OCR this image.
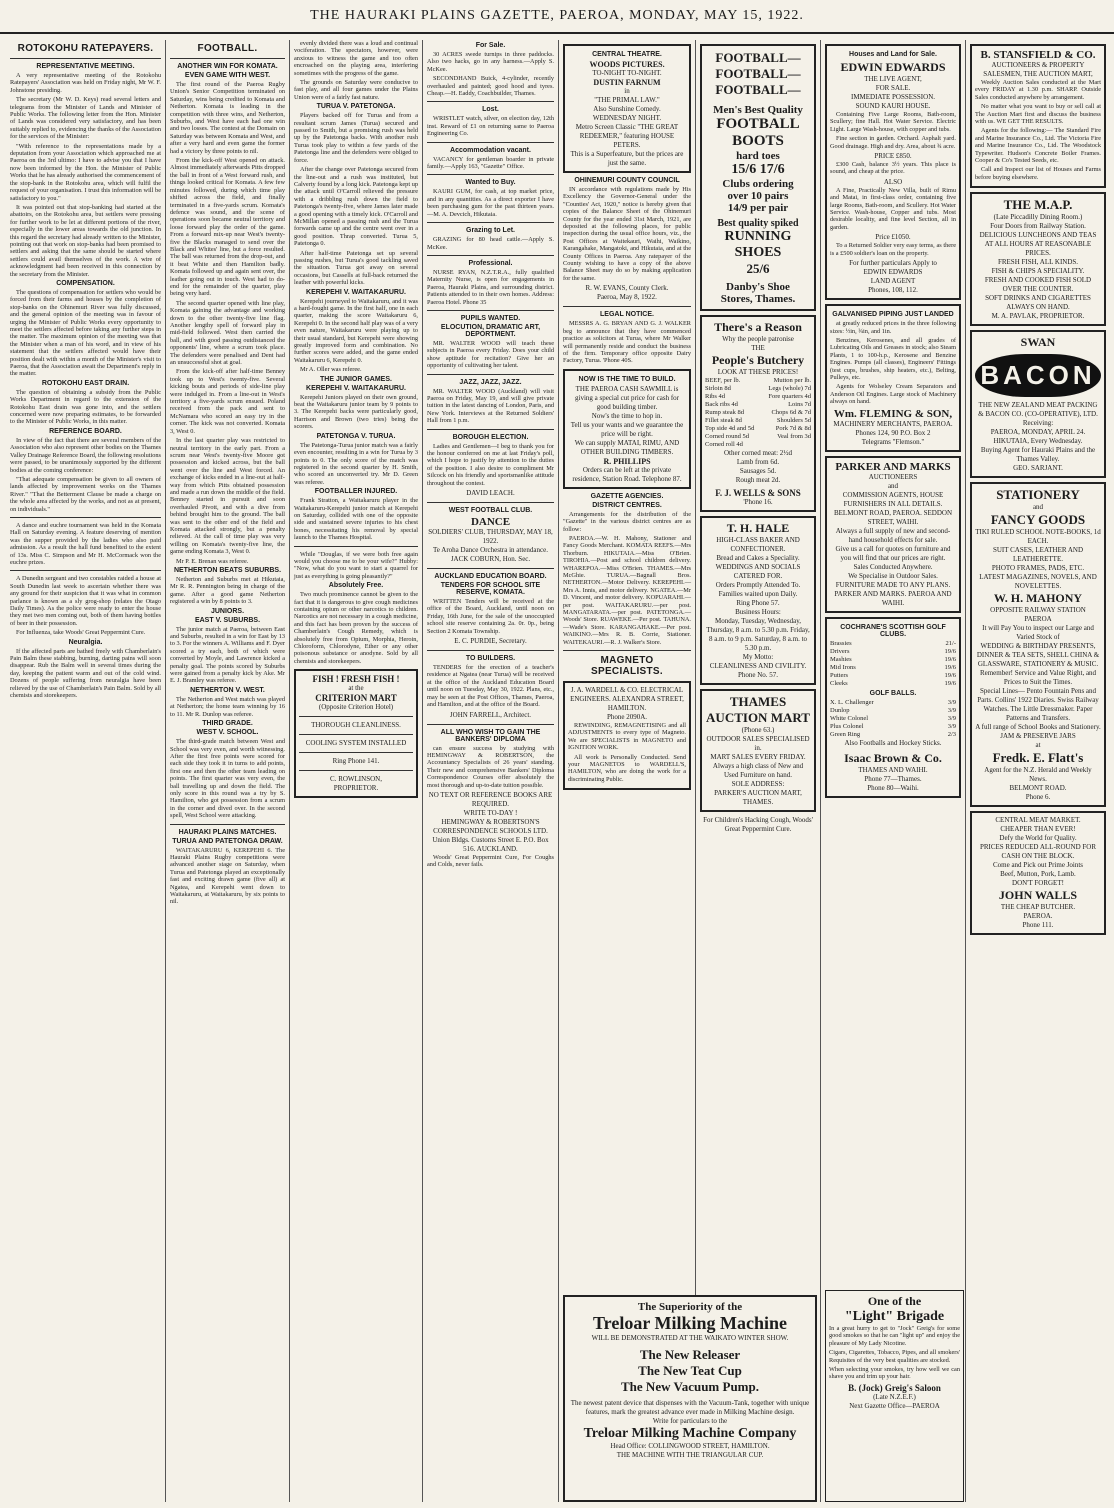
THE HAURAKI PLAINS GAZETTE, PAEROA, MONDAY, MAY 15, 1922.
ROTOKOHU RATEPAYERS.
REPRESENTATIVE MEETING.

A very representative meeting of the Rotokohu Ratepayers' Association was held on Friday night, Mr W. F. Johnstone presiding.

The secretary (Mr W. D. Keys) read several letters and telegrams from the Minister of Lands and Minister of Public Works. The following letter from the Hon. Minister of Lands was considered very satisfactory, and has been suitably replied to, evidencing the thanks of the Association for the services of the Minister:

"With reference to the representations made by a deputation from your Association which approached me at Paeroa on the 3rd ultimo: I have to advise you that I have now been informed by the Hon. the Minister of Public Works that he has already authorised the commencement of the stop-bank in the Rotokohu area, which will fulfil the request of your organisation. I trust this information will be satisfactory to you."

It was pointed out that stop-banking had started at the abattoirs, on the Rotokohu area, but settlers were pressing for further work to be let at different portions of the river, especially in the lower areas towards the old junction. In this regard the secretary had already written to the Minister, pointing out that work on stop-banks had been promised to settlers and asking that the same should be started where settlers could avail themselves of the work. A wire of acknowledgment had been received in this connection by the secretary from the Minister.

COMPENSATION.

The questions of compensation for settlers who would be forced from their farms and houses by the completion of stop-banks on the Ohinemuri River was fully discussed, and the general opinion of the meeting was in favour of urging the Minister of Public Works every opportunity to meet the settlers affected before taking any further steps in the matter. The maximum opinion of the meeting was that the Minister when a man of his word, and in view of his statement that the settlers affected would have their position dealt with within a month of the Minister's visit to Paeroa, that the Association await the Department's reply in the matter.

ROTOKOHU EAST DRAIN.

The question of obtaining a subsidy from the Public Works Department in regard to the extension of the Rotokohu East drain was gone into, and the settlers concerned were now preparing estimates, to be forwarded to the Minister of Public Works, in this matter.

REFERENCE BOARD.

In view of the fact that there are several members of the Association who also represent other bodies on the Thames Valley Drainage Reference Board, the following resolutions were passed, to be unanimously supported by the different bodies at the coming conference:

"That adequate compensation be given to all owners of lands affected by improvement works on the Thames River." "That the Betterment Clause be made a charge on the whole area affected by the works, and not as at present, on individuals."

A dance and euchre tournament was held in the Komata Hall on Saturday evening. A feature deserving of mention was the supper provided by the ladies who also paid admission. As a result the hall fund benefited to the extent of 13s. Miss C. Simpson and Mr H. McCormack won the euchre prizes.

A Dunedin sergeant and two constables raided a house at South Dunedin last week to ascertain whether there was any ground for their suspicion that it was what in common parlance is known as a sly grog-shop (relates the Otago Daily Times). As the police were ready to enter the house they met two men coming out, both of them having bottles of beer in their possession.

For Influenza, take Woods' Great Peppermint Cure.

Neuralgia.

If the affected parts are bathed freely with Chamberlain's Pain Balm these stabbing, burning, darting pains will soon disappear. Rub the Balm well in several times during the day, keeping the patient warm and out of the cold wind. Dozens of people suffering from neuralgia have been relieved by the use of Chamberlain's Pain Balm. Sold by all chemists and storekeepers.

FOOTBALL.
ANOTHER WIN FOR KOMATA.
EVEN GAME WITH WEST.

The first round of the Paeroa Rugby Union's Senior Competition terminated on Saturday, wins being credited to Komata and Netherton. Komata is leading in the competition with three wins, and Netherton, Suburbs, and West have each had one win and two losses. The contest at the Domain on Saturday was between Komata and West, and after a very hard and even game the former had a victory by three points to nil.

From the kick-off West opened on attack. Almost immediately afterwards Pitts dropped the ball in front of a West forward rush, and things looked critical for Komata. A few few minutes followed, during which time play shifted across the field, and finally terminated in a five-yards scrum. Komata's defence was sound, and the scene of operations soon became neutral territory and loose forward play the order of the game. From a forward mix-up near West's twenty-five the Blacks managed to send over the Black and Whites' line, but a force resulted. The ball was returned from the drop-out, and it beat White and then Hamilton badly. Komata followed up and again sent over, the leather going out in touch. West had to do-end for the remainder of the quarter, play being very hard.

The second quarter opened with line play, Komata gaining the advantage and working down to the other twenty-five line flag. Another lengthy spell of forward play in mid-field followed. West then carried the ball, and with good passing outdistanced the opponents' line, where a scrum took place. The defenders were penalised and Dent had an unsuccessful shot at goal.

From the kick-off after half-time Benney took up to West's twenty-five. Several kicking bouts and periods of side-line play were indulged in. From a line-out in West's territory a five-yards scrum ensued. Poland received from the pack and sent to McNamara who scored an easy try in the corner. The kick was not converted. Komata 3, West 0.

In the last quarter play was restricted to neutral territory in the early part. From a scrum near West's twenty-five Moore got possession and kicked across, but the ball went over the line and West forced. An exchange of kicks ended in a line-out at half-way from which Pitts obtained possession and made a run down the middle of the field. Benney started in pursuit and soon overhauled Pivott, and with a dive from behind brought him to the ground. The ball was sent to the other end of the field and Komata attacked strongly, but a penalty relieved. At the call of time play was very willing on Komata's twenty-five line, the game ending Komata 3, West 0.

Mr P. E. Brenan was referee.

NETHERTON BEATS SUBURBS.

Netherton and Suburbs met at Hikutaia, Mr R. R. Pennington being in charge of the game. After a good game Netherton registered a win by 8 points to 3.

JUNIORS.
EAST V. SUBURBS.

The junior match at Paeroa, between East and Suburbs, resulted in a win for East by 13 to 3. For the winners A. Williams and F. Dyer scored a try each, both of which were converted by Moyle, and Lawrence kicked a penalty goal. The points scored by Suburbs were gained from a penalty kick by Ake. Mr E. J. Bramley was referee.

NETHERTON V. WEST.

The Netherton and West match was played at Netherton; the home team winning by 16 to 11. Mr R. Dunlop was referee.

THIRD GRADE.
WEST V. SCHOOL.

The third-grade match between West and School was very even, and worth witnessing. After the first free points were scored for each side they took it in turns to add points, first one and then the other team leading on points. The first quarter was very even, the ball travelling up and down the field. The only score in this round was a try by S. Hamilton, who got possession from a scrum in the corner and dived over. In the second spell, West School were attacking.

HAURAKI PLAINS MATCHES.
TURUA AND PATETONGA DRAW.

WAITAKARURU 6, KEREPEHI 6. The Hauraki Plains Rugby competitions were advanced another stage on Saturday, when Turua and Patetonga played an exceptionally fast and exciting drawn game (five all) at Ngatea, and Kerepehi went down to Waitakaruru, at Waitakaruru, by six points to nil.

evenly divided there was a loud and continual vociferation. The spectators, however, were anxious to witness the game and too often encroached on the playing area, interfering sometimes with the progress of the game.

The grounds on Saturday were conducive to fast play, and all four games under the Plains Union were of a fairly fast nature.

TURUA V. PATETONGA.

Players backed off for Turua and from a resultant scrum James (Turua) secured and passed to Smith, but a promising rush was held up by the Patetonga backs. With another rush Turua took play to within a few yards of the Patetonga line and the defenders were obliged to force.

After the change over Patetonga secured from the line-out and a rush was instituted, but Calverty found by a long kick. Patetonga kept up the attack until O'Carroll relieved the pressure with a dribbling rush down the field to Patetonga's twenty-five, where James later made a good opening with a timely kick. O'Carroll and McMillan opened a passing rush and the Turua forwards came up and the centre went over in a good position. Thrap converted. Turua 5, Patetonga 0.

After half-time Patetonga set up several passing rushes, but Turua's good tackling saved the situation. Turua got away on several occasions, but Cassells at full-back returned the leather with powerful kicks.

KEREPEHI V. WAITAKARURU.

Kerepehi journeyed to Waitakaruru, and it was a hard-fought game. In the first half, one in each quarter, making the score Waitakaruru 6, Kerepehi 0. In the second half play was of a very even nature, Waitakaruru were playing up to their usual standard, but Kerepehi were showing greatly improved form and combination. No further scores were added, and the game ended Waitakaruru 6, Kerepehi 0.

Mr A. Oller was referee.

THE JUNIOR GAMES.
KEREPEHI V. WAITAKARURU.

Kerepehi Juniors played on their own ground, beat the Waitakaruru junior team by 9 points to 3. The Kerepehi backs were particularly good, Harrison and Brown (two tries) being the scorers.

PATETONGA V. TURUA.

The Patetonga-Turua junior match was a fairly even encounter, resulting in a win for Turua by 3 points to 0. The only score of the match was registered in the second quarter by H. Smith, who scored an unconverted try. Mr D. Green was referee.

FOOTBALLER INJURED.

Frank Stratton, a Waitakaruru player in the Waitakaruru-Kerepehi junior match at Kerepehi on Saturday, collided with one of the opposite side and sustained severe injuries to his chest bones, necessitating his removal by special launch to the Thames Hospital.

While "Douglas, if we were both free again would you choose me to be your wife?" Hubby: "Now, what do you want to start a quarrel for just as everything is going pleasantly?"

Absolutely Free.

Two much prominence cannot be given to the fact that it is dangerous to give cough medicines containing opium or other narcotics to children. Narcotics are not necessary in a cough medicine, and this fact has been proven by the success of Chamberlain's Cough Remedy, which is absolutely free from Opium, Morphia, Heroin, Chloroform, Chlorodyne, Ether or any other poisonous substance or anodyne. Sold by all chemists and storekeepers.

FISH ! FRESH FISH !
at the
CRITERION MART
(Opposite Criterion Hotel)
THOROUGH CLEANLINESS.
COOLING SYSTEM INSTALLED
Ring Phone 141.
C. ROWLINSON,
PROPRIETOR.
For Sale.

30 ACRES swede turnips in three paddocks. Also two hacks, go in any harness.—Apply S. McKee.

SECONDHAND Buick, 4-cylinder, recently overhauled and painted; good hood and tyres. Cheap.—H. Eaddy, Coachbuilder, Thames.

Lost.

WRISTLET watch, silver, on election day, 12th inst. Reward of £1 on returning same to Paeroa Engineering Co.

Accommodation vacant.

VACANCY for gentleman boarder in private family.—Apply 163, "Gazette" Office.

Wanted to Buy.

KAURI GUM, for cash, at top market price, and in any quantities. As a direct exporter I have been purchasing gum for the past thirteen years.—M. A. Devcich, Hikutaia.

Grazing to Let.

GRAZING for 80 head cattle.—Apply S. McKee.

Professional.

NURSE RYAN, N.Z.T.R.A., fully qualified Maternity Nurse, is open for engagements in Paeroa, Hauraki Plains, and surrounding district. Patients attended to in their own homes. Address: Paeroa Hotel. Phone 35

PUPILS WANTED.
ELOCUTION, DRAMATIC ART, DEPORTMENT.

MR. WALTER WOOD will teach these subjects in Paeroa every Friday. Does your child show aptitude for recitation? Give her an opportunity of cultivating her talent.

JAZZ, JAZZ, JAZZ.

MR. WALTER WOOD (Auckland) will visit Paeroa on Friday, May 19, and will give private tuition in the latest dancing of London, Paris, and New York. Interviews at the Returned Soldiers' Hall from 1 p.m.

BOROUGH ELECTION.

Ladies and Gentlemen—I beg to thank you for the honour conferred on me at last Friday's poll, which I hope to justify by attention to the duties of the position. I also desire to compliment Mr Silcock on his friendly and sportsmanlike attitude throughout the contest.

DAVID LEACH.
WEST FOOTBALL CLUB.
DANCE
SOLDIERS' CLUB, THURSDAY, MAY 18, 1922.
Te Aroha Dance Orchestra in attendance.
JACK COBURN, Hon. Sec.
AUCKLAND EDUCATION BOARD.
TENDERS FOR SCHOOL SITE RESERVE, KOMATA.

WRITTEN Tenders will be received at the office of the Board, Auckland, until noon on Friday, 16th June, for the sale of the unoccupied school site reserve containing 2a. 0r. 0p., being Section 2 Komata Township.

E. C. PURDIE, Secretary.
TO BUILDERS.

TENDERS for the erection of a teacher's residence at Ngatea (near Turua) will be received at the office of the Auckland Education Board until noon on Tuesday, May 30, 1922. Plans, etc., may be seen at the Post Offices, Thames, Paeroa, and Hamilton, and at the office of the Board.

JOHN FARRELL, Architect.
ALL WHO WISH TO GAIN THE BANKERS' DIPLOMA

can ensure success by studying with HEMINGWAY & ROBERTSON, the Accountancy Specialists of 26 years' standing. Their new and comprehensive Bankers' Diploma Correspondence Courses offer absolutely the most thorough and up-to-date tuition possible.

NO TEXT OR REFERENCE BOOKS ARE REQUIRED.
WRITE TO-DAY !
HEMINGWAY & ROBERTSON'S CORRESPONDENCE SCHOOLS LTD. Union Bldgs. Customs Street E. P.O. Box 516. AUCKLAND.

Woods' Great Peppermint Cure, For Coughs and Colds, never fails.

CENTRAL THEATRE.
WOODS PICTURES.
TO-NIGHT TO-NIGHT.
DUSTIN FARNUM
in
"THE PRIMAL LAW."
Also Sunshine Comedy.
WEDNESDAY NIGHT.
Metro Screen Classic "THE GREAT REDEEMER," featuring HOUSE PETERS.
This is a Superfeature, but the prices are just the same.
OHINEMURI COUNTY COUNCIL

IN accordance with regulations made by His Excellency the Governor-General under the "Counties' Act, 1920," notice is hereby given that copies of the Balance Sheet of the Ohinemuri County for the year ended 31st March, 1921, are deposited at the following places, for public inspection during the usual office hours, viz., the Post Offices at Waitekauri, Waihi, Waikino, Karangahake, Mangatoki, and Hikutaia, and at the County Offices in Paeroa. Any ratepayer of the County wishing to have a copy of the above Balance Sheet may do so by making application for the same.

R. W. EVANS, County Clerk.
Paeroa, May 8, 1922.
LEGAL NOTICE.

MESSRS A. G. BRYAN AND G. J. WALKER beg to announce that they have commenced practice as solicitors at Turua, where Mr Walker will permanently reside and conduct the business of the firm. Temporary office opposite Dairy Factory, Turua. 'Phone 40S.

NOW IS THE TIME TO BUILD.
THE PAEROA CASH SAWMILL is giving a special cut price for cash for good building timber.
Now's the time to hop in.
Tell us your wants and we guarantee the price will be right.
We can supply MATAI, RIMU, AND OTHER BUILDING TIMBERS.
R. PHILLIPS
Orders can be left at the private residence, Station Road. Telephone 87.
GAZETTE AGENCIES.
DISTRICT CENTRES.

Arrangements for the distribution of the "Gazette" in the various district centres are as follow:

PAEROA.—W. H. Mahony, Stationer and Fancy Goods Merchant. KOMATA REEFS.—Mrs Thorburn. HIKUTAIA.—Miss O'Brien. TIROHIA.—Post and school children delivery. WHAREPOA.—Miss O'Brien. THAMES.—Mrs McGhie. TURUA.—Bagnall Bros. NETHERTON.—Motor Delivery. KEREPEHI.—Mrs A. Innis, and motor delivery. NGATEA.—Mr D. Vincent, and motor delivery. KOPUARAHI.—per post. WAITAKARURU.—per post. MANGATARATA.—per post. PATETONGA.—Woods' Store. RUAWEKE.—Per post. TAHUNA.—Wade's Store. KARANGAHAKE.—Per post. WAIKINO.—Mrs R. B. Corrie, Stationer. WAITEKAURI.—R. J. Walker's Store.

MAGNETO SPECIALISTS.
J. A. WARDELL & CO. ELECTRICAL ENGINEERS. ALEXANDRA STREET, HAMILTON.
Phone 2090A.

REWINDING, REMAGNETISING and all ADJUSTMENTS to every type of Magneto. We are SPECIALISTS in MAGNETO and IGNITION WORK.

All work is Personally Conducted. Send your MAGNETOS to WARDELL'S, HAMILTON, who are doing the work for a discriminating Public.

FOOTBALL—
FOOTBALL—
FOOTBALL—
Men's Best Quality
FOOTBALL
BOOTS
hard toes
15/6 17/6
Clubs ordering
over 10 pairs
14/9 per pair
Best quality spiked
RUNNING
SHOES
25/6
Danby's Shoe
Stores, Thames.
There's a Reason
Why the people patronise
THE
People's Butchery
LOOK AT THESE PRICES!
BEEF, per lb.	Mutton per lb.
Sirloin 8d	Legs (whole) 7d
Ribs 4d	Fore quarters 4d
Back ribs 4d	Loins 7d
Rump steak 8d	Chops 6d & 7d
Fillet steak 8d	Shoulders 5d
Top side 4d and 5d	Pork 7d & 8d
Corned round 5d	Veal from 3d
Corned roll 4d
Other corned meat: 2½d
Lamb from 6d.
Sausages 5d.
Rough meat 2d.
F. J. WELLS & SONS
'Phone 16.
T. H. HALE
HIGH-CLASS BAKER AND CONFECTIONER.
Bread and Cakes a Speciality.
WEDDINGS AND SOCIALS CATERED FOR.
Orders Promptly Attended To.
Families waited upon Daily.
Ring Phone 57.
Business Hours:
Monday, Tuesday, Wednesday, Thursday, 8 a.m. to 5.30 p.m. Friday, 8 a.m. to 9 p.m. Saturday, 8 a.m. to 5.30 p.m.
My Motto:
CLEANLINESS AND CIVILITY.
Phone No. 57.
THAMES
AUCTION MART
(Phone 63.)
OUTDOOR SALES SPECIALISED in.
MART SALES EVERY FRIDAY.
Always a high class of New and Used Furniture on hand.
SOLE ADDRESS:
PARKER'S AUCTION MART, THAMES.
For Children's Hacking Cough, Woods' Great Peppermint Cure.
Houses and Land for Sale.
EDWIN EDWARDS
THE LIVE AGENT,
FOR SALE.
IMMEDIATE POSSESSION.
SOUND KAURI HOUSE.

Containing Five Large Rooms, Bath-room, Scullery; fine Hall. Hot Water Service. Electric Light. Large Wash-house, with copper and tubs.

Fine section in garden. Orchard. Asphalt yard. Good drainage. High and dry. Area, about ¾ acre.

PRICE £850.

£300 Cash, balance 3½ years. This place is sound, and cheap at the price.

ALSO

A Fine, Practically New Villa, built of Rimu and Matai, in first-class order, containing five large Rooms, Bath-room, and Scullery. Hot Water Service. Wash-house, Copper and tubs. Most desirable locality, and fine level Section, all in garden.

Price £1050.

To a Returned Soldier very easy terms, as there is a £500 soldier's loan on the property.

For further particulars Apply to
EDWIN EDWARDS
LAND AGENT
Phones, 108, 112.
GALVANISED PIPING JUST LANDED

at greatly reduced prices in the three following sizes: ½in, ¾in, and 1in.

Benzines, Kerosenes, and all grades of Lubricating Oils and Greases in stock; also Steam Plants, 1 to 100-h.p., Kerosene and Benzine Engines. Pumps (all classes), Engineers' Fittings (test cups, brushes, ship heaters, etc.), Belting, Pulleys, etc.

Agents for Wolseley Cream Separators and Anderson Oil Engines. Large stock of Machinery always on hand.

Wm. FLEMING & SON,
MACHINERY MERCHANTS, PAEROA.
Phones 124, 90 P.O. Box 2
Telegrams "Flemson."
PARKER AND MARKS
AUCTIONEERS
and
COMMISSION AGENTS, HOUSE FURNISHERS IN ALL DETAILS.
BELMONT ROAD, PAEROA. SEDDON STREET, WAIHI.
Always a full supply of new and second-hand household effects for sale.
Give us a call for quotes on furniture and you will find that our prices are right.
Sales Conducted Anywhere.
We Specialise in Outdoor Sales.
FURNITURE MADE TO ANY PLANS.
PARKER AND MARKS. PAEROA AND WAIHI.
COCHRANE'S SCOTTISH GOLF CLUBS.
Brassies	21/-
Drivers	19/6
Mashies	19/6
Mid Irons	19/6
Putters	19/6
Cleeks	19/6
GOLF BALLS.
X. L. Challenger	3/9
Dunlop	3/9
White Colonel	3/9
Plus Colonel	3/9
Green Ring	2/3
Also Footballs and Hockey Sticks.
Isaac Brown & Co.
THAMES AND WAIHI.
Phone 77—Thames.
Phone 80—Waihi.
B. STANSFIELD & CO.
AUCTIONEERS & PROPERTY SALESMEN, THE AUCTION MART,

Weekly Auction Sales conducted at the Mart every FRIDAY at 1.30 p.m. SHARP. Outside Sales conducted anywhere by arrangement.

No matter what you want to buy or sell call at The Auction Mart first and discuss the business with us. WE GET THE RESULTS.

Agents for the following:— The Standard Fire and Marine Insurance Co., Ltd. The Victoria Fire and Marine Insurance Co., Ltd. The Woodstock Typewriter. Hudson's Concrete Boiler Frames. Cooper & Co's Tested Seeds, etc.

Call and Inspect our list of Houses and Farms before buying elsewhere.

THE M.A.P.
(Late Piccadilly Dining Room.)
Four Doors from Railway Station.
DELICIOUS LUNCHEONS AND TEAS AT ALL HOURS AT REASONABLE PRICES.
FRESH FISH, ALL KINDS.
FISH & CHIPS A SPECIALITY.
FRESH AND COOKED FISH SOLD OVER THE COUNTER.
SOFT DRINKS AND CIGARETTES ALWAYS ON HAND.
M. A. PAVLAK, PROPRIETOR.
SWAN
BACON
THE NEW ZEALAND MEAT PACKING & BACON CO. (CO-OPERATIVE), LTD.
Receiving:
PAEROA, MONDAY, APRIL 24. HIKUTAIA, Every Wednesday.
Buying Agent for Hauraki Plains and the Thames Valley.
GEO. SARJANT.
STATIONERY
and
FANCY GOODS
TIKI RULED SCHOOL NOTE-BOOKS, 1d EACH.
SUIT CASES, LEATHER AND LEATHERETTE.
PHOTO FRAMES, PADS, ETC.
LATEST MAGAZINES, NOVELS, AND NOVELETTES.
W. H. MAHONY
OPPOSITE RAILWAY STATION
PAEROA
It will Pay You to inspect our Large and Varied Stock of
WEDDING & BIRTHDAY PRESENTS, DINNER & TEA SETS, SHELL CHINA & GLASSWARE, STATIONERY & MUSIC.
Remember! Service and Value Right, and Prices to Suit the Times.
Special Lines— Pento Fountain Pens and Parts. Collins' 1922 Diaries. Swiss Railway Watches. The Little Dressmaker. Paper Patterns and Transfers.
A full range of School Books and Stationery.
JAM & PRESERVE JARS
at
Fredk. E. Flatt's
Agent for the N.Z. Herald and Weekly News.
BELMONT ROAD.
Phone 6.
CENTRAL MEAT MARKET.
CHEAPER THAN EVER!
Defy the World for Quality.
PRICES REDUCED ALL-ROUND FOR CASH ON THE BLOCK.
Come and Pick out Prime Joints
Beef, Mutton, Pork, Lamb.
DON'T FORGET!
JOHN WALLS
THE CHEAP BUTCHER.
PAEROA.
Phone 111.
The Superiority of the
Treloar Milking Machine
WILL BE DEMONSTRATED AT THE WAIKATO WINTER SHOW.
The New Releaser
The New Teat Cup
The New Vacuum Pump.
The newest patent device that dispenses with the Vacuum-Tank, together with unique features, mark the greatest advance ever made in Milking Machine design.
Write for particulars to the
Treloar Milking Machine Company
Head Office: COLLINGWOOD STREET, HAMILTON.
THE MACHINE WITH THE TRIANGULAR CUP.
One of the
"Light" Brigade

In a great hurry to get to "Jock" Greig's for some good smokes so that he can "light up" and enjoy the pleasure of My Lady Nicotine.

Cigars, Cigarettes, Tobacco, Pipes, and all smokers' Requisites of the very best qualities are stocked.

When selecting your smokes, try how well we can shave you and trim up your hair.

B. (Jock) Greig's Saloon
(Late N.Z.E.F.)
Next Gazette Office—PAEROA
